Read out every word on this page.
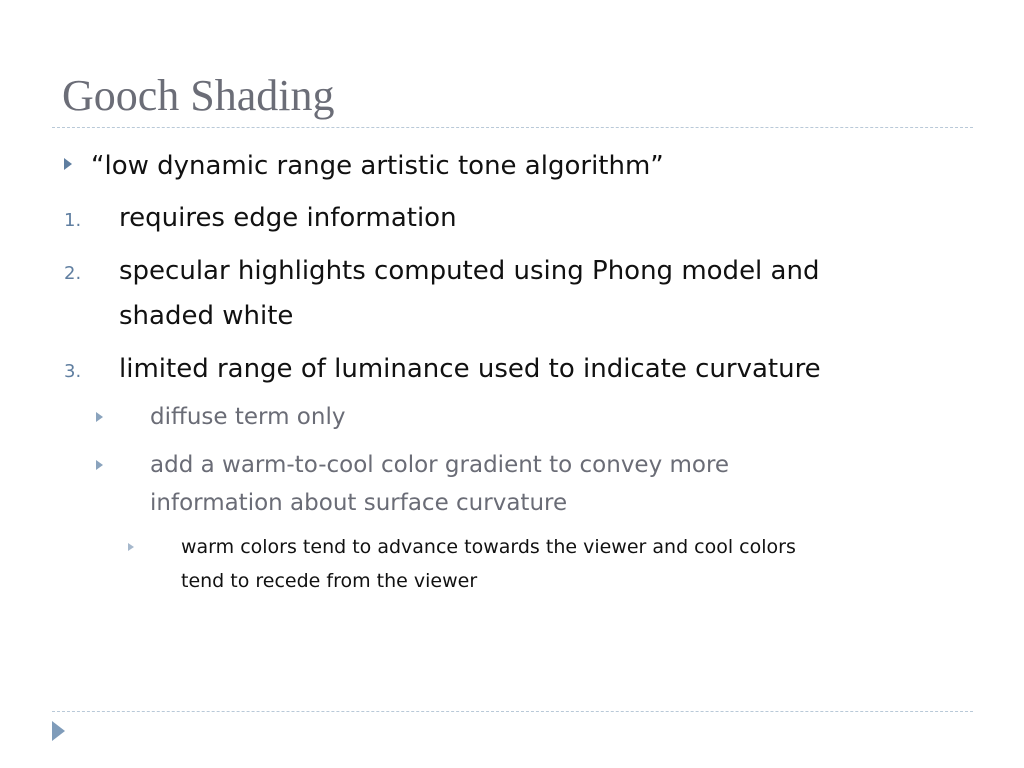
Gooch Shading
“low dynamic range artistic tone algorithm”
1. requires edge information
2. specular highlights computed using Phong model and
shaded white
3. limited range of luminance used to indicate curvature
diffuse term only
add a warm-to-cool color gradient to convey more
information about surface curvature
warm colors tend to advance towards the viewer and cool colors
tend to recede from the viewer
